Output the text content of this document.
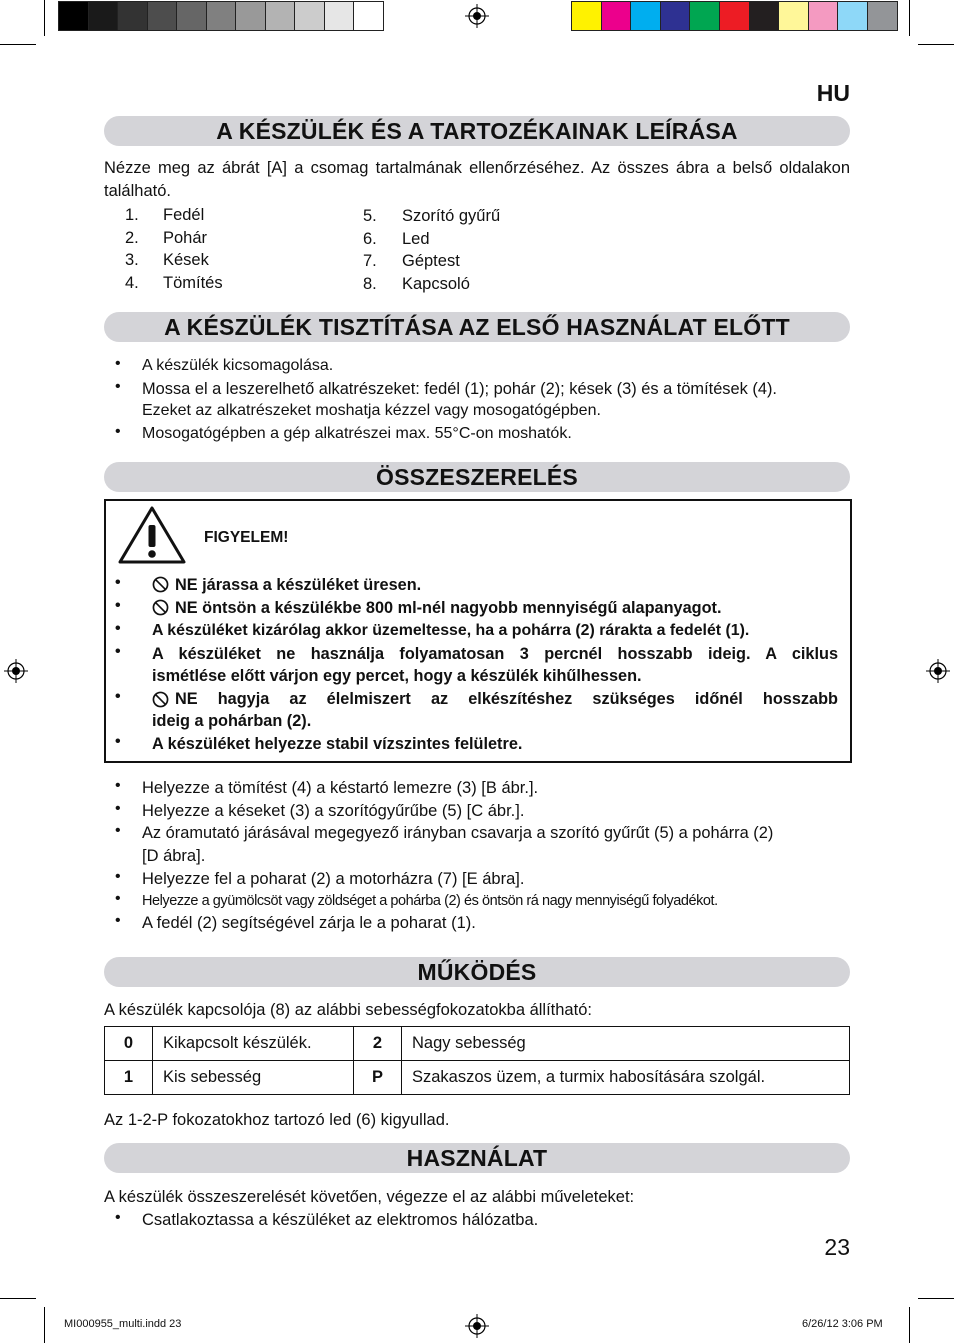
HU
A KÉSZÜLÉK ÉS A TARTOZÉKAINAK LEÍRÁSA
Nézze meg az ábrát [A] a csomag tartalmának ellenőrzéséhez. Az összes ábra a belső oldalakon található.
1. Fedél
2. Pohár
3. Kések
4. Tömítés
5. Szorító gyűrű
6. Led
7. Géptest
8. Kapcsoló
A KÉSZÜLÉK TISZTÍTÁSA AZ ELSŐ HASZNÁLAT ELŐTT
• A készülék kicsomagolása.
• Mossa el a leszerelhető alkatrészeket: fedél (1); pohár (2); kések (3) és a tömítések (4).
Ezeket az alkatrészeket moshatja kézzel vagy mosogatógépben.
• Mosogatógépben a gép alkatrészei max. 55°C-on moshatók.
ÖSSZESZERELÉS
FIGYELEM!
•	NE járassa a készüléket üresen.
•	NE öntsön a készülékbe 800 ml-nél nagyobb mennyiségű alapanyagot.
• A készüléket kizárólag akkor üzemeltesse, ha a pohárra (2) rárakta a fedelét (1).
• A készüléket ne használja folyamatosan 3 percnél hosszabb ideig. A ciklus
ismétlése előtt várjon egy percet, hogy a készülék kihűlhessen.
•	NE hagyja az élelmiszert az elkészítéshez szükséges időnél hosszabb
ideig a pohárban (2).
• A készüléket helyezze stabil vízszintes felületre.
• Helyezze a tömítést (4) a késtartó lemezre (3) [B ábr.].
• Helyezze a késeket (3) a szorítógyűrűbe (5) [C ábr.].
• Az óramutató járásával megegyező irányban csavarja a szorító gyűrűt (5) a pohárra (2)
[D ábra].
• Helyezze fel a poharat (2) a motorházra (7) [E ábra].
• Helyezze a gyümölcsöt vagy zöldséget a pohárba (2) és öntsön rá nagy mennyiségű folyadékot.
• A fedél (2) segítségével zárja le a poharat (1).
MŰKÖDÉS
A készülék kapcsolója (8) az alábbi sebességfokozatokba állítható:
0	Kikapcsolt készülék.	2	Nagy sebesség
1	Kis sebesség	P	Szakaszos üzem, a turmix habosítására szolgál.
Az 1-2-P fokozatokhoz tartozó led (6) kigyullad.
HASZNÁLAT
A készülék összeszerelését követően, végezze el az alábbi műveleteket:
• Csatlakoztassa a készüléket az elektromos hálózatba.
23
MI000955_multi.indd 23	6/26/12 3:06 PM
